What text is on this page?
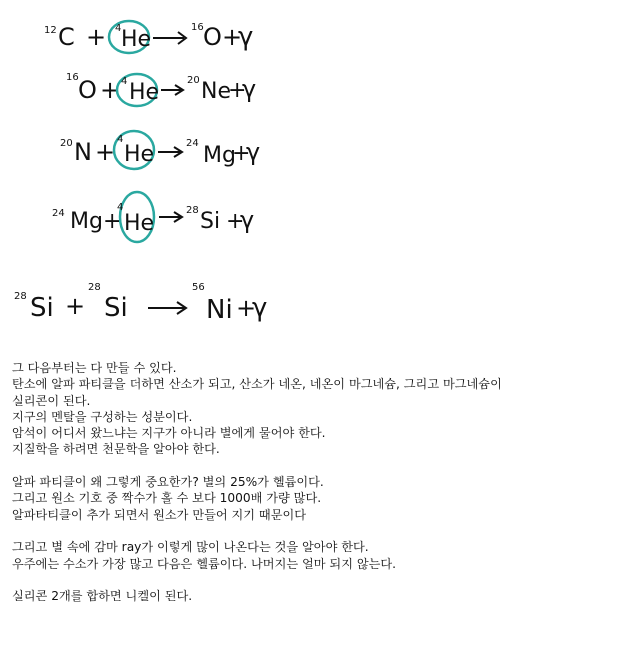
12 C + 4 He	16 O +
γ
16 O + 4 He	20 Ne
+
γ
20 N + 4
He	24 Mg
+
γ
24 Mg +
4
He
28 Si +
γ
28 Si +
28
Si
56
Ni +
γ

그 다음부터는 다 만들 수 있다.

탄소에 알파 파티클을 더하면 산소가 되고, 산소가 네온, 네온이 마그네슘, 그리고 마그네슘이

실리콘이 된다.

지구의 멘탈을 구성하는 성분이다.

암석이 어디서 왔느냐는 지구가 아니라 별에게 물어야 한다.

지질학을 하려면 천문학을 알아야 한다.

알파 파티클이 왜 그렇게 중요한가? 별의 25%가 헬륨이다.

그리고 원소 기호 중 짝수가 홀 수 보다 1000배 가량 많다.

알파타티클이 추가 되면서 원소가 만들어 지기 때문이다

그리고 별 속에 감마 ray가 이렇게 많이 나온다는 것을 알아야 한다.

우주에는 수소가 가장 많고 다음은 헬륨이다. 나머지는 얼마 되지 않는다.

실리콘 2개를 합하면 니켈이 된다.
